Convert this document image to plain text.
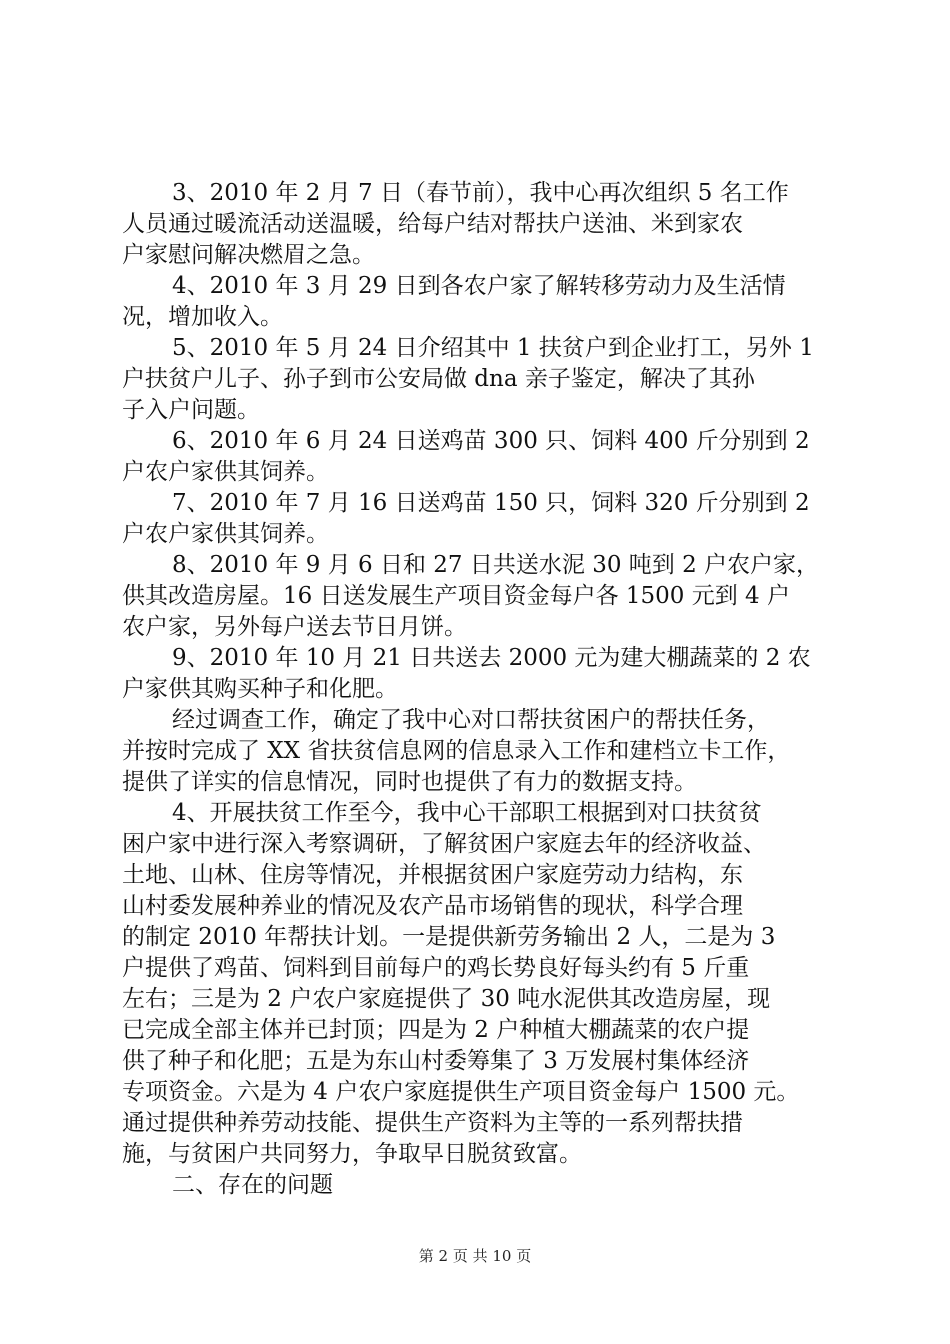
3、2010 年 2 月 7 日（春节前），我中心再次组织 5 名工作
人员通过暖流活动送温暖，给每户结对帮扶户送油、米到家农
户家慰问解决燃眉之急。
4、2010 年 3 月 29 日到各农户家了解转移劳动力及生活情
况，增加收入。
5、2010 年 5 月 24 日介绍其中 1 扶贫户到企业打工，另外 1
户扶贫户儿子、孙子到市公安局做 dna 亲子鉴定，解决了其孙
子入户问题。
6、2010 年 6 月 24 日送鸡苗 300 只、饲料 400 斤分别到 2
户农户家供其饲养。
7、2010 年 7 月 16 日送鸡苗 150 只，饲料 320 斤分别到 2
户农户家供其饲养。
8、2010 年 9 月 6 日和 27 日共送水泥 30 吨到 2 户农户家，
供其改造房屋。16 日送发展生产项目资金每户各 1500 元到 4 户
农户家，另外每户送去节日月饼。
9、2010 年 10 月 21 日共送去 2000 元为建大棚蔬菜的 2 农
户家供其购买种子和化肥。
经过调查工作，确定了我中心对口帮扶贫困户的帮扶任务，
并按时完成了 XX 省扶贫信息网的信息录入工作和建档立卡工作，
提供了详实的信息情况，同时也提供了有力的数据支持。
4、开展扶贫工作至今，我中心干部职工根据到对口扶贫贫
困户家中进行深入考察调研，了解贫困户家庭去年的经济收益、
土地、山林、住房等情况，并根据贫困户家庭劳动力结构，东
山村委发展种养业的情况及农产品市场销售的现状，科学合理
的制定 2010 年帮扶计划。一是提供新劳务输出 2 人，二是为 3
户提供了鸡苗、饲料到目前每户的鸡长势良好每头约有 5 斤重
左右；三是为 2 户农户家庭提供了 30 吨水泥供其改造房屋，现
已完成全部主体并已封顶；四是为 2 户种植大棚蔬菜的农户提
供了种子和化肥；五是为东山村委筹集了 3 万发展村集体经济
专项资金。六是为 4 户农户家庭提供生产项目资金每户 1500 元。
通过提供种养劳动技能、提供生产资料为主等的一系列帮扶措
施，与贫困户共同努力，争取早日脱贫致富。
二、存在的问题
第 2 页 共 10 页
